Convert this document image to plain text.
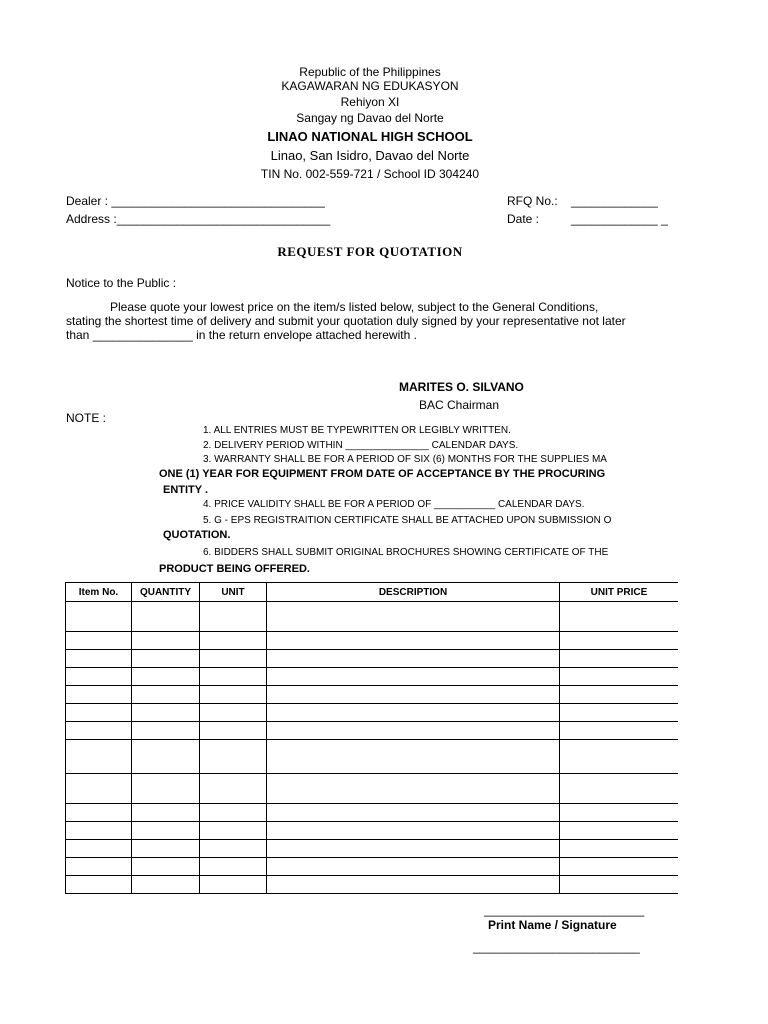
Republic of the Philippines
KAGAWARAN NG EDUKASYON
Rehiyon XI
Sangay ng Davao del Norte
LINAO NATIONAL HIGH SCHOOL
Linao, San Isidro, Davao del Norte
TIN No. 002-559-721 / School ID 304240
Dealer : ________________________________
Address :________________________________
RFQ No.: _____________
Date :	_____________ _
REQUEST FOR QUOTATION
Notice to the Public :

Please quote your lowest price on the item/s listed below, subject to the General Conditions,

stating the shortest time of delivery and submit your quotation duly signed by your representative not later

than _______________ in the return envelope attached herewith .

MARITES O. SILVANO
BAC Chairman
NOTE :
1. ALL ENTRIES MUST BE TYPEWRITTEN OR LEGIBLY WRITTEN.
2. DELIVERY PERIOD WITHIN _______________ CALENDAR DAYS.
3. WARRANTY SHALL BE FOR A PERIOD OF SIX (6) MONTHS FOR THE SUPPLIES MA
ONE (1) YEAR FOR EQUIPMENT FROM DATE OF ACCEPTANCE BY THE PROCURING
ENTITY .
4. PRICE VALIDITY SHALL BE FOR A PERIOD OF ___________ CALENDAR DAYS.
5. G - EPS REGISTRAITION CERTIFICATE SHALL BE ATTACHED UPON SUBMISSION O
QUOTATION.
6. BIDDERS SHALL SUBMIT ORIGINAL BROCHURES SHOWING CERTIFICATE OF THE
PRODUCT BEING OFFERED.
Item No.	QUANTITY	UNIT	DESCRIPTION	UNIT PRICE

________________________
Print Name / Signature
_________________________
